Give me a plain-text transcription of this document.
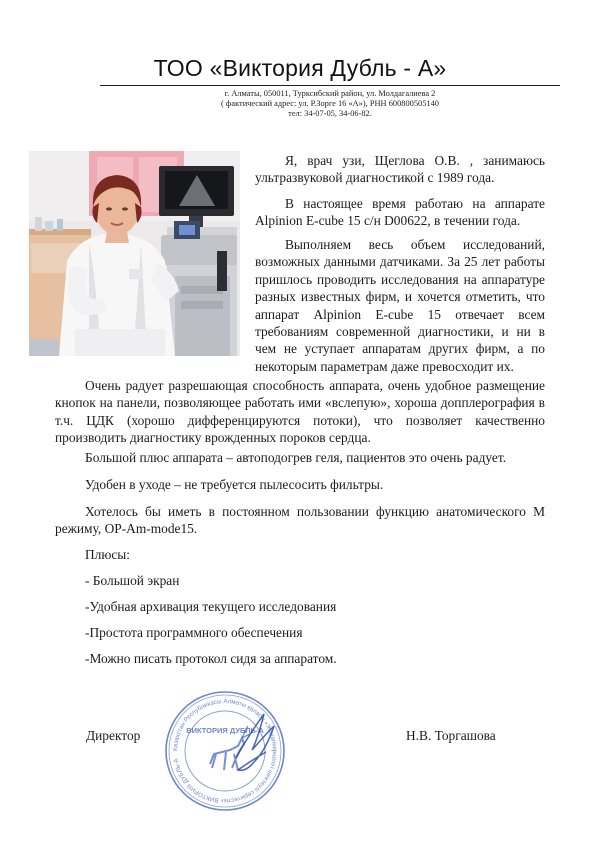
ТОО «Виктория Дубль - А»
г. Алматы, 050011, Турксибский район, ул. Молдагалиева 2
( фактический адрес: ул. Р.Зорге 16 «А»), РНН 600800505140
тел: 34-07-05, 34-06-82.
Я, врач узи, Щеглова О.В. , занимаюсь ультразвуковой диагностикой с 1989 года.
В настоящее время работаю на аппарате Alpinion E-cube 15 с/н D00622, в течении года.
Выполняем весь объем исследований, возможных данными датчиками. За 25 лет работы пришлось проводить исследования на аппаратуре разных известных фирм, и хочется отметить, что аппарат Alpinion E-cube 15 отвечает всем требованиям современной диагностики, и ни в чем не уступает аппаратам других фирм, а по некоторым параметрам даже превосходит их.
Очень радует разрешающая способность аппарата, очень удобное размещение кнопок на панели, позволяющее работать ими «вслепую», хороша допплерография в т.ч. ЦДК (хорошо дифференцируются потоки), что позволяет качественно производить диагностику врожденных пороков сердца.
Большой плюс аппарата – автоподогрев геля, пациентов это очень радует.
Удобен в уходе – не требуется пылесосить фильтры.
Хотелось бы иметь в постоянном пользовании функцию анатомического М режиму, OP-Am-mode15.
Плюсы:
- Большой экран
-Удобная архивация текущего исследования
-Простота программного обеспечения
-Можно писать протокол сидя за аппаратом.
Директор	Н.В. Торгашова
Казахстан Республикасы Алматы қаласы «Жауапкершілігі шектеулі серіктестік» ВИКТОРИЯ ДУБЛЬ-А
ВИКТОРИЯ ДУБЛЬ-А
